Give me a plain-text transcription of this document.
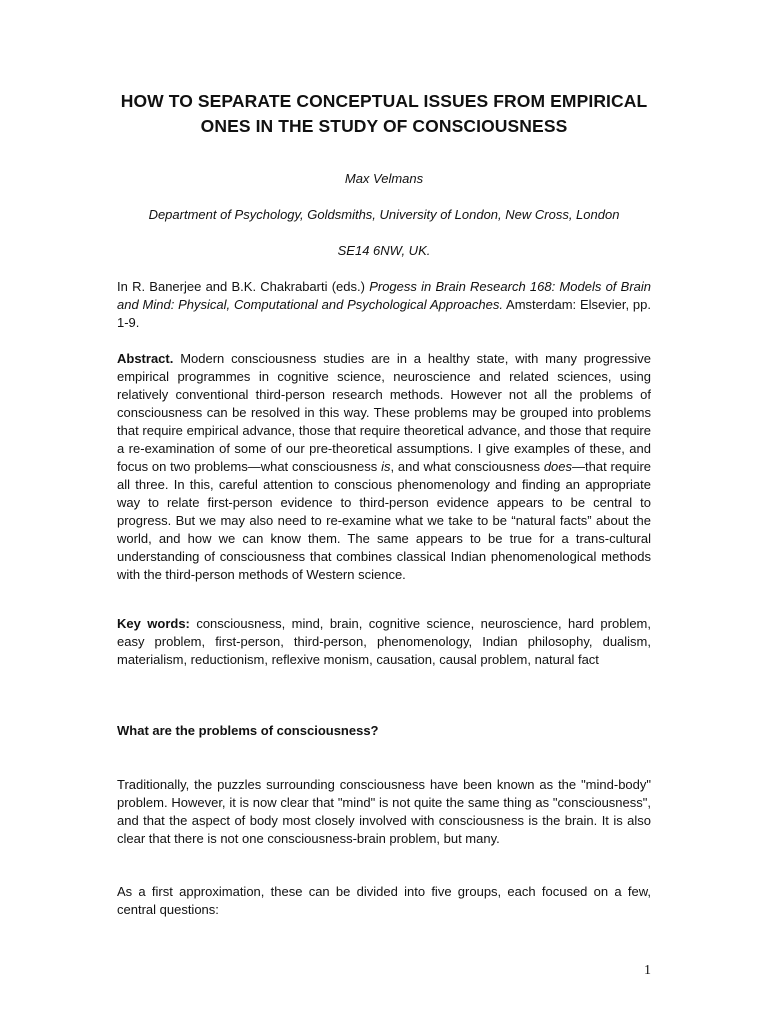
HOW TO SEPARATE CONCEPTUAL ISSUES FROM EMPIRICAL
ONES IN THE STUDY OF CONSCIOUSNESS
Max Velmans
Department of Psychology, Goldsmiths, University of London, New Cross, London
SE14 6NW, UK.

In R. Banerjee and B.K. Chakrabarti (eds.) Progess in Brain Research 168: Models of Brain and Mind: Physical, Computational and Psychological Approaches. Amsterdam: Elsevier, pp. 1-9.

Abstract. Modern consciousness studies are in a healthy state, with many progressive empirical programmes in cognitive science, neuroscience and related sciences, using relatively conventional third-person research methods. However not all the problems of consciousness can be resolved in this way. These problems may be grouped into problems that require empirical advance, those that require theoretical advance, and those that require a re-examination of some of our pre-theoretical assumptions. I give examples of these, and focus on two problems—what consciousness is, and what consciousness does—that require all three. In this, careful attention to conscious phenomenology and finding an appropriate way to relate first-person evidence to third-person evidence appears to be central to progress. But we may also need to re-examine what we take to be “natural facts” about the world, and how we can know them. The same appears to be true for a trans-cultural understanding of consciousness that combines classical Indian phenomenological methods with the third-person methods of Western science.

Key words: consciousness, mind, brain, cognitive science, neuroscience, hard problem, easy problem, first-person, third-person, phenomenology, Indian philosophy, dualism, materialism, reductionism, reflexive monism, causation, causal problem, natural fact

What are the problems of consciousness?

Traditionally, the puzzles surrounding consciousness have been known as the "mind-body" problem. However, it is now clear that "mind" is not quite the same thing as "consciousness", and that the aspect of body most closely involved with consciousness is the brain. It is also clear that there is not one consciousness-brain problem, but many.

As a first approximation, these can be divided into five groups, each focused on a few, central questions:

1
